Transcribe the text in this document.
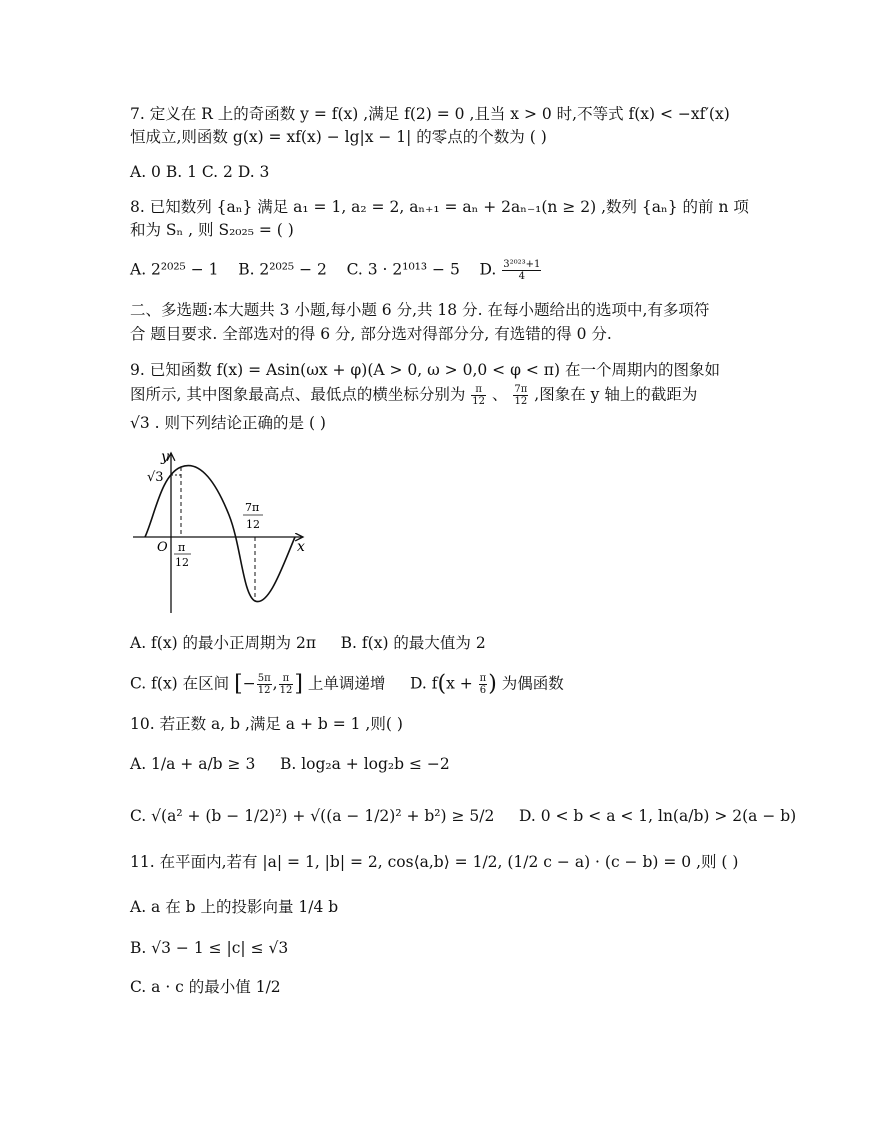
7. 定义在 R 上的奇函数 y = f(x) ,满足 f(2) = 0 ,且当 x > 0 时,不等式 f(x) < −xf′(x)
恒成立,则函数 g(x) = xf(x) − lg|x − 1| 的零点的个数为 ( )
A. 0 B. 1 C. 2 D. 3
8. 已知数列 {aₙ} 满足 a₁ = 1, a₂ = 2, aₙ₊₁ = aₙ + 2aₙ₋₁(n ≥ 2) ,数列 {aₙ} 的前 n 项
和为 Sₙ , 则 S₂₀₂₅ = ( )
A. 2²⁰²⁵ − 1 B. 2²⁰²⁵ − 2 C. 3 · 2¹⁰¹³ − 5 D. $\frac{\text{3²⁰²³+1}}{4}$
二、多选题:本大题共 3 小题,每小题 6 分,共 18 分. 在每小题给出的选项中,有多项符
合 题目要求. 全部选对的得 6 分, 部分选对得部分分, 有选错的得 0 分.
9. 已知函数 f(x) = Asin(ωx + φ)(A > 0, ω > 0,0 < φ < π) 在一个周期内的图象如
图所示, 其中图象最高点、最低点的横坐标分别为 $\frac{\pi}{12}$ 、 $\frac{7\pi}{12}$ ,图象在 y 轴上的截距为
√3 . 则下列结论正确的是 ( )
y
x
O
√3
π
12
7π
12
A. f(x) 的最小正周期为 2π B. f(x) 的最大值为 2
C. f(x) 在区间 [− $\frac{5\pi}{12}$ , $\frac{\pi}{12}$ ] 上单调递增 D. $f(x + \frac{\pi}{6}$ ) 为偶函数
10. 若正数 a, b ,满足 a + b = 1 ,则( )
A. 1/a + a/b ≥ 3 B. log₂a + log₂b ≤ −2
C. √(a² + (b − 1/2)²) + √((a − 1/2)² + b²) ≥ 5/2 D. 0 < b < a < 1, ln(a/b) > 2(a − b)
11. 在平面内,若有 |a| = 1, |b| = 2, cos⟨a,b⟩ = 1/2, (1/2 c − a) · (c − b) = 0 ,则 ( )
A. a 在 b 上的投影向量 1/4 b
B. √3 − 1 ≤ |c| ≤ √3
C. a · c 的最小值 1/2
